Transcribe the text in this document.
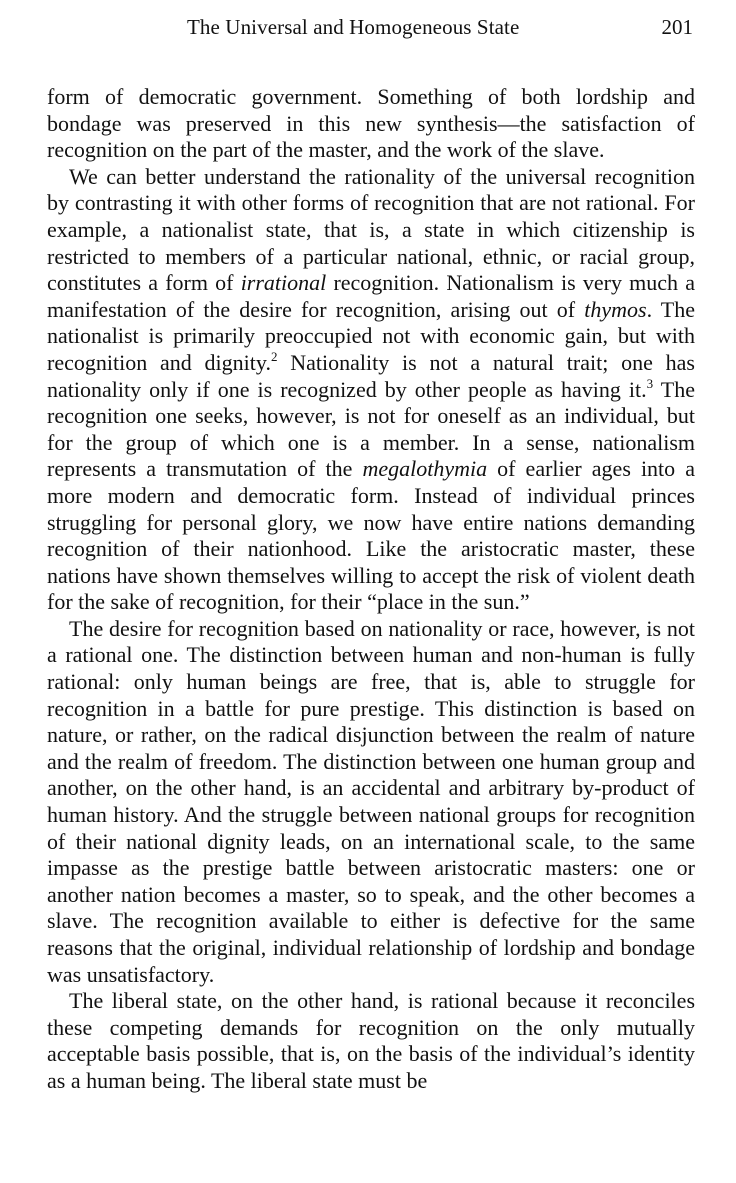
The Universal and Homogeneous State	201

form of democratic government. Something of both lordship and bondage was preserved in this new synthesis—the satisfaction of recognition on the part of the master, and the work of the slave.

We can better understand the rationality of the universal recognition by contrasting it with other forms of recognition that are not rational. For example, a nationalist state, that is, a state in which citizenship is restricted to members of a particular national, ethnic, or racial group, constitutes a form of irrational recognition. Nationalism is very much a manifestation of the desire for recognition, arising out of thymos. The nationalist is primarily preoccupied not with economic gain, but with recognition and dignity.$^2$ Nationality is not a natural trait; one has nationality only if one is recognized by other people as having it.$^3$ The recognition one seeks, however, is not for oneself as an individual, but for the group of which one is a member. In a sense, nationalism represents a transmutation of the megalothymia of earlier ages into a more modern and democratic form. Instead of individual princes struggling for personal glory, we now have entire nations demanding recognition of their nationhood. Like the aristocratic master, these nations have shown themselves willing to accept the risk of violent death for the sake of recognition, for their “place in the sun.”

The desire for recognition based on nationality or race, however, is not a rational one. The distinction between human and non-human is fully rational: only human beings are free, that is, able to struggle for recognition in a battle for pure prestige. This distinction is based on nature, or rather, on the radical disjunction between the realm of nature and the realm of freedom. The distinction between one human group and another, on the other hand, is an accidental and arbitrary by-product of human history. And the struggle between national groups for recognition of their national dignity leads, on an international scale, to the same impasse as the prestige battle between aristocratic masters: one or another nation becomes a master, so to speak, and the other becomes a slave. The recognition available to either is defective for the same reasons that the original, individual relationship of lordship and bondage was unsatisfactory.

The liberal state, on the other hand, is rational because it reconciles these competing demands for recognition on the only mutually acceptable basis possible, that is, on the basis of the individual’s identity as a human being. The liberal state must be
